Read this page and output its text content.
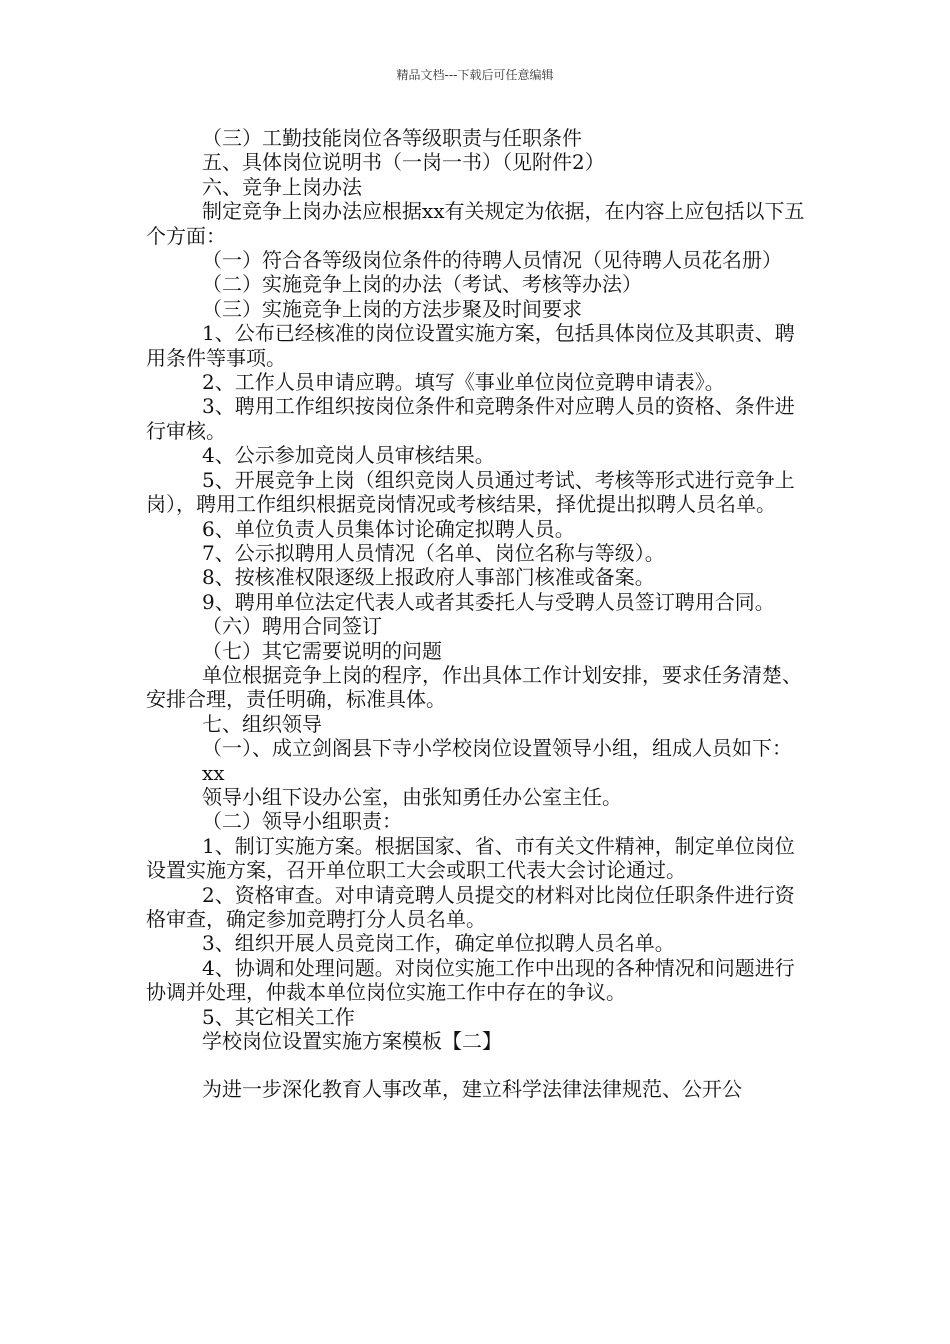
精品文档---下载后可任意编辑

（三）工勤技能岗位各等级职责与任职条件

五、具体岗位说明书（一岗一书）（见附件2）

六、竞争上岗办法

制定竞争上岗办法应根据xx有关规定为依据，在内容上应包括以下五个方面：

（一）符合各等级岗位条件的待聘人员情况（见待聘人员花名册）

（二）实施竞争上岗的办法（考试、考核等办法）

（三）实施竞争上岗的方法步聚及时间要求

1、公布已经核准的岗位设置实施方案，包括具体岗位及其职责、聘用条件等事项。

2、工作人员申请应聘。填写《事业单位岗位竞聘申请表》。

3、聘用工作组织按岗位条件和竞聘条件对应聘人员的资格、条件进行审核。

4、公示参加竞岗人员审核结果。

5、开展竞争上岗（组织竞岗人员通过考试、考核等形式进行竞争上岗），聘用工作组织根据竞岗情况或考核结果，择优提出拟聘人员名单。

6、单位负责人员集体讨论确定拟聘人员。

7、公示拟聘用人员情况（名单、岗位名称与等级）。

8、按核准权限逐级上报政府人事部门核准或备案。

9、聘用单位法定代表人或者其委托人与受聘人员签订聘用合同。

（六）聘用合同签订

（七）其它需要说明的问题

单位根据竞争上岗的程序，作出具体工作计划安排，要求任务清楚、安排合理，责任明确，标准具体。

七、组织领导

（一）、成立剑阁县下寺小学校岗位设置领导小组，组成人员如下：

xx

领导小组下设办公室，由张知勇任办公室主任。

（二）领导小组职责：

1、制订实施方案。根据国家、省、市有关文件精神，制定单位岗位设置实施方案，召开单位职工大会或职工代表大会讨论通过。

2、资格审查。对申请竞聘人员提交的材料对比岗位任职条件进行资格审查，确定参加竞聘打分人员名单。

3、组织开展人员竞岗工作，确定单位拟聘人员名单。

4、协调和处理问题。对岗位实施工作中出现的各种情况和问题进行协调并处理，仲裁本单位岗位实施工作中存在的争议。

5、其它相关工作

学校岗位设置实施方案模板【二】

为进一步深化教育人事改革，建立科学法律法律规范、公开公
